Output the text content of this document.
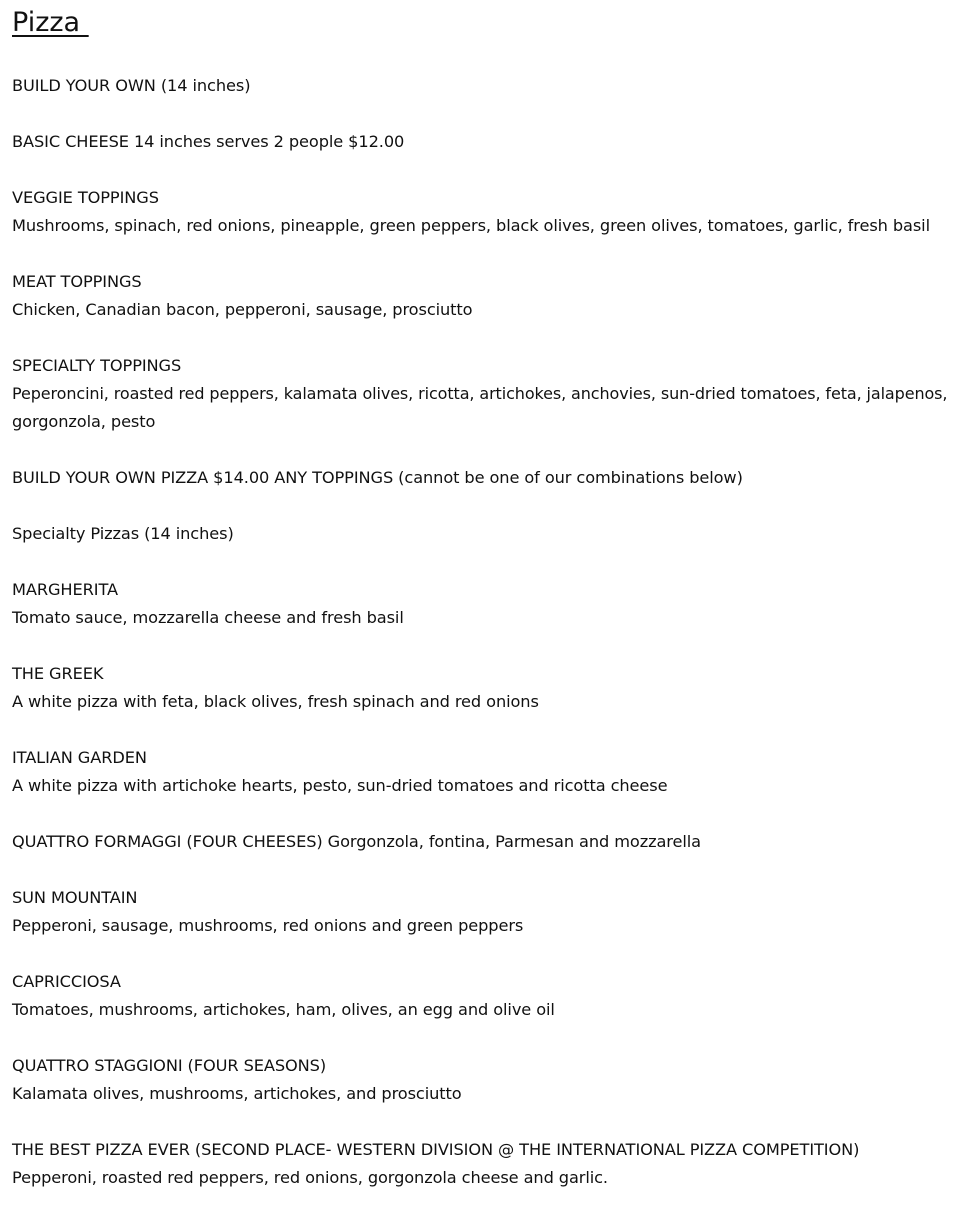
Pizza

BUILD YOUR OWN (14 inches)

BASIC CHEESE 14 inches serves 2 people $12.00

VEGGIE TOPPINGS

Mushrooms, spinach, red onions, pineapple, green peppers, black olives, green olives, tomatoes, garlic, fresh basil

MEAT TOPPINGS

Chicken, Canadian bacon, pepperoni, sausage, prosciutto

SPECIALTY TOPPINGS

Peperoncini, roasted red peppers, kalamata olives, ricotta, artichokes, anchovies, sun-dried tomatoes, feta, jalapenos,

gorgonzola, pesto

BUILD YOUR OWN PIZZA $14.00 ANY TOPPINGS (cannot be one of our combinations below)

Specialty Pizzas (14 inches)

MARGHERITA

Tomato sauce, mozzarella cheese and fresh basil

THE GREEK

A white pizza with feta, black olives, fresh spinach and red onions

ITALIAN GARDEN

A white pizza with artichoke hearts, pesto, sun-dried tomatoes and ricotta cheese

QUATTRO FORMAGGI (FOUR CHEESES) Gorgonzola, fontina, Parmesan and mozzarella

SUN MOUNTAIN

Pepperoni, sausage, mushrooms, red onions and green peppers

CAPRICCIOSA

Tomatoes, mushrooms, artichokes, ham, olives, an egg and olive oil

QUATTRO STAGGIONI (FOUR SEASONS)

Kalamata olives, mushrooms, artichokes, and prosciutto

THE BEST PIZZA EVER (SECOND PLACE- WESTERN DIVISION @ THE INTERNATIONAL PIZZA COMPETITION)

Pepperoni, roasted red peppers, red onions, gorgonzola cheese and garlic.
